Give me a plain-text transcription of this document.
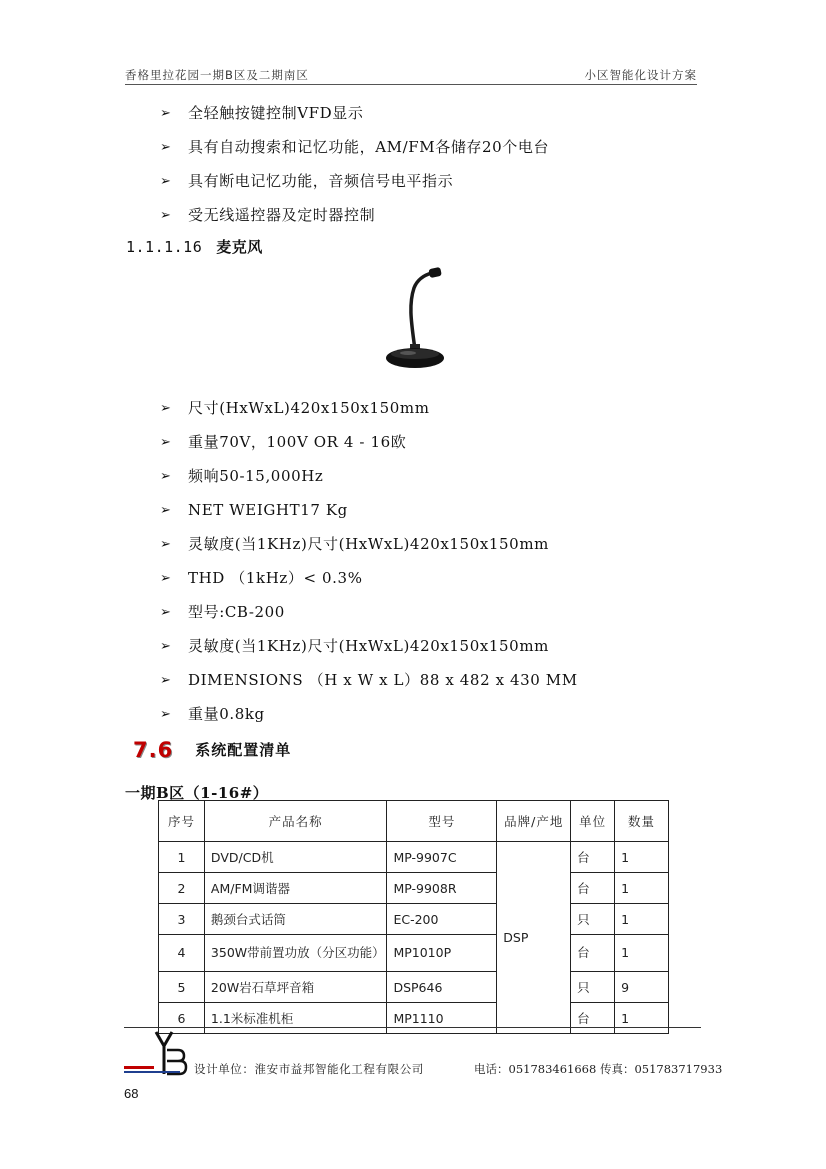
香格里拉花园一期B区及二期南区	小区智能化设计方案
➢ 全轻触按键控制VFD显示
➢ 具有自动搜索和记忆功能，AM/FM各储存20个电台
➢ 具有断电记忆功能，音频信号电平指示
➢ 受无线遥控器及定时器控制
1.1.1.16 麦克风
➢ 尺寸(HxWxL)420x150x150mm
➢ 重量70V，100V OR 4 - 16欧
➢ 频响50-15,000Hz
➢ NET WEIGHT17 Kg
➢ 灵敏度(当1KHz)尺寸(HxWxL)420x150x150mm
➢ THD （1kHz）< 0.3%
➢ 型号:CB-200
➢ 灵敏度(当1KHz)尺寸(HxWxL)420x150x150mm
➢ DIMENSIONS （H x W x L）88 x 482 x 430 MM
➢ 重量0.8kg
7.6 系统配置清单
一期B区（1-16#）
序号	产品名称	型号	品牌/产地	单位	数量
1	DVD/CD机	MP-9907C	DSP	台	1
2	AM/FM调谐器	MP-9908R		台	1
3	鹅颈台式话筒	EC-200		只	1
4	350W带前置功放（分区功能）	MP1010P		台	1
5	20W岩石草坪音箱	DSP646		只	9
6	1.1米标准机柜	MP1110		台	1
设计单位：淮安市益邦智能化工程有限公司	电话：051783461668 传真：051783717933
68
